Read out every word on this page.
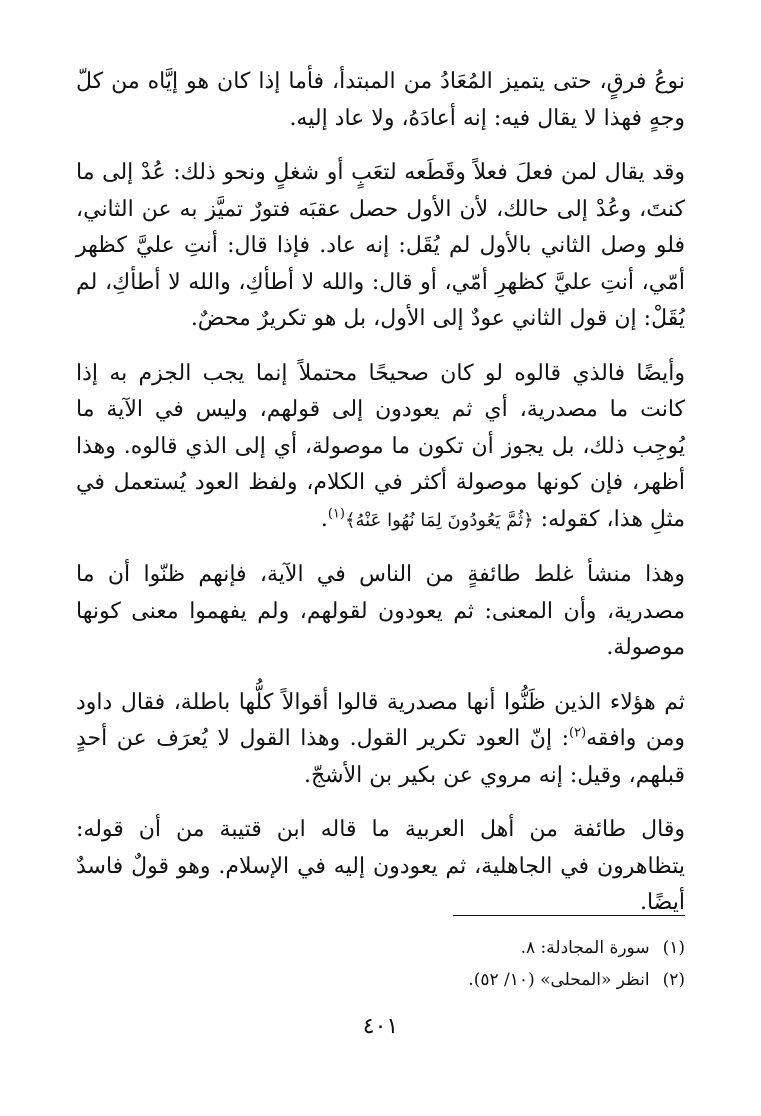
نوعُ فرقٍ، حتى يتميز المُعَادُ من المبتدأ، فأما إذا كان هو إيَّاه من كلّ وجهٍ فهذا لا يقال فيه: إنه أعادَهُ، ولا عاد إليه.

وقد يقال لمن فعلَ فعلاً وقَطَعه لتعَبٍ أو شغلٍ ونحو ذلك: عُدْ إلى ما كنتَ، وعُدْ إلى حالك، لأن الأول حصل عقبَه فتورٌ تميَّز به عن الثاني، فلو وصل الثاني بالأول لم يُقَل: إنه عاد. فإذا قال: أنتِ عليَّ كظهر أمّي، أنتِ عليَّ كظهرِ أمّي، أو قال: والله لا أطأكِ، والله لا أطأكِ، لم يُقَلْ: إن قول الثاني عودٌ إلى الأول، بل هو تكريرٌ محضٌ.

وأيضًا فالذي قالوه لو كان صحيحًا محتملاً إنما يجب الجزم به إذا كانت ما مصدرية، أي ثم يعودون إلى قولهم، وليس في الآية ما يُوجِب ذلك، بل يجوز أن تكون ما موصولة، أي إلى الذي قالوه. وهذا أظهر، فإن كونها موصولة أكثر في الكلام، ولفظ العود يُستعمل في مثلِ هذا، كقوله: ﴿ثُمَّ يَعُودُونَ لِمَا نُهُوا عَنْهُ﴾$^{(١)}$.

وهذا منشأ غلط طائفةٍ من الناس في الآية، فإنهم ظنّوا أن ما مصدرية، وأن المعنى: ثم يعودون لقولهم، ولم يفهموا معنى كونها موصولة.

ثم هؤلاء الذين ظَنُّوا أنها مصدرية قالوا أقوالاً كلُّها باطلة، فقال داود ومن وافقه$^{(٢)}$: إنّ العود تكرير القول. وهذا القول لا يُعرَف عن أحدٍ قبلهم، وقيل: إنه مروي عن بكير بن الأشجّ.

وقال طائفة من أهل العربية ما قاله ابن قتيبة من أن قوله: يتظاهرون في الجاهلية، ثم يعودون إليه في الإسلام. وهو قولٌ فاسدٌ أيضًا.

(١) سورة المجادلة: ٨.
(٢) انظر «المحلى» (١٠/ ٥٢).
٤٠١
